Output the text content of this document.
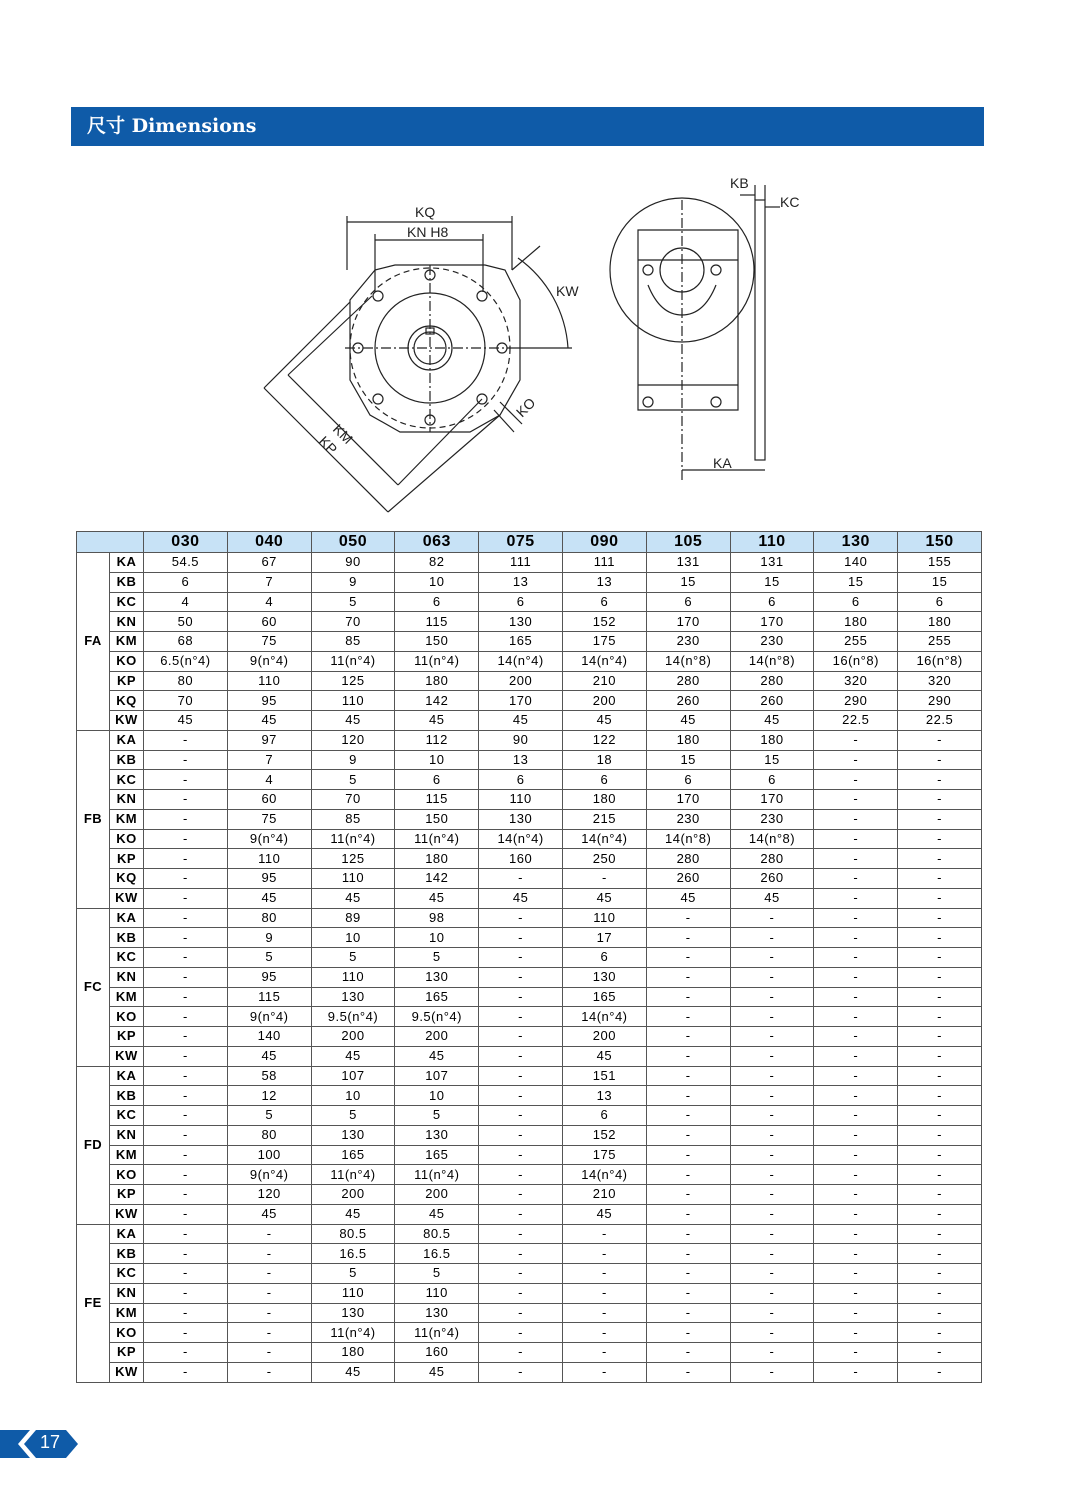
尺寸 Dimensions
KQ
KN H8
KW
KM
KP
KO
KB
KC
KA
		030	040	050	063	075	090	105	110	130	150
FA	KA	54.5	67	90	82	111	111	131	131	140	155
	KB	6	7	9	10	13	13	15	15	15	15
	KC	4	4	5	6	6	6	6	6	6	6
	KN	50	60	70	115	130	152	170	170	180	180
	KM	68	75	85	150	165	175	230	230	255	255
	KO	6.5(n°4)	9(n°4)	11(n°4)	11(n°4)	14(n°4)	14(n°4)	14(n°8)	14(n°8)	16(n°8)	16(n°8)
	KP	80	110	125	180	200	210	280	280	320	320
	KQ	70	95	110	142	170	200	260	260	290	290
	KW	45	45	45	45	45	45	45	45	22.5	22.5
FB	KA	-	97	120	112	90	122	180	180	-	-
	KB	-	7	9	10	13	18	15	15	-	-
	KC	-	4	5	6	6	6	6	6	-	-
	KN	-	60	70	115	110	180	170	170	-	-
	KM	-	75	85	150	130	215	230	230	-	-
	KO	-	9(n°4)	11(n°4)	11(n°4)	14(n°4)	14(n°4)	14(n°8)	14(n°8)	-	-
	KP	-	110	125	180	160	250	280	280	-	-
	KQ	-	95	110	142	-	-	260	260	-	-
	KW	-	45	45	45	45	45	45	45	-	-
FC	KA	-	80	89	98	-	110	-	-	-	-
	KB	-	9	10	10	-	17	-	-	-	-
	KC	-	5	5	5	-	6	-	-	-	-
	KN	-	95	110	130	-	130	-	-	-	-
	KM	-	115	130	165	-	165	-	-	-	-
	KO	-	9(n°4)	9.5(n°4)	9.5(n°4)	-	14(n°4)	-	-	-	-
	KP	-	140	200	200	-	200	-	-	-	-
	KW	-	45	45	45	-	45	-	-	-	-
FD	KA	-	58	107	107	-	151	-	-	-	-
	KB	-	12	10	10	-	13	-	-	-	-
	KC	-	5	5	5	-	6	-	-	-	-
	KN	-	80	130	130	-	152	-	-	-	-
	KM	-	100	165	165	-	175	-	-	-	-
	KO	-	9(n°4)	11(n°4)	11(n°4)	-	14(n°4)	-	-	-	-
	KP	-	120	200	200	-	210	-	-	-	-
	KW	-	45	45	45	-	45	-	-	-	-
FE	KA	-	-	80.5	80.5	-	-	-	-	-	-
	KB	-	-	16.5	16.5	-	-	-	-	-	-
	KC	-	-	5	5	-	-	-	-	-	-
	KN	-	-	110	110	-	-	-	-	-	-
	KM	-	-	130	130	-	-	-	-	-	-
	KO	-	-	11(n°4)	11(n°4)	-	-	-	-	-	-
	KP	-	-	180	160	-	-	-	-	-	-
	KW	-	-	45	45	-	-	-	-	-	-
17
